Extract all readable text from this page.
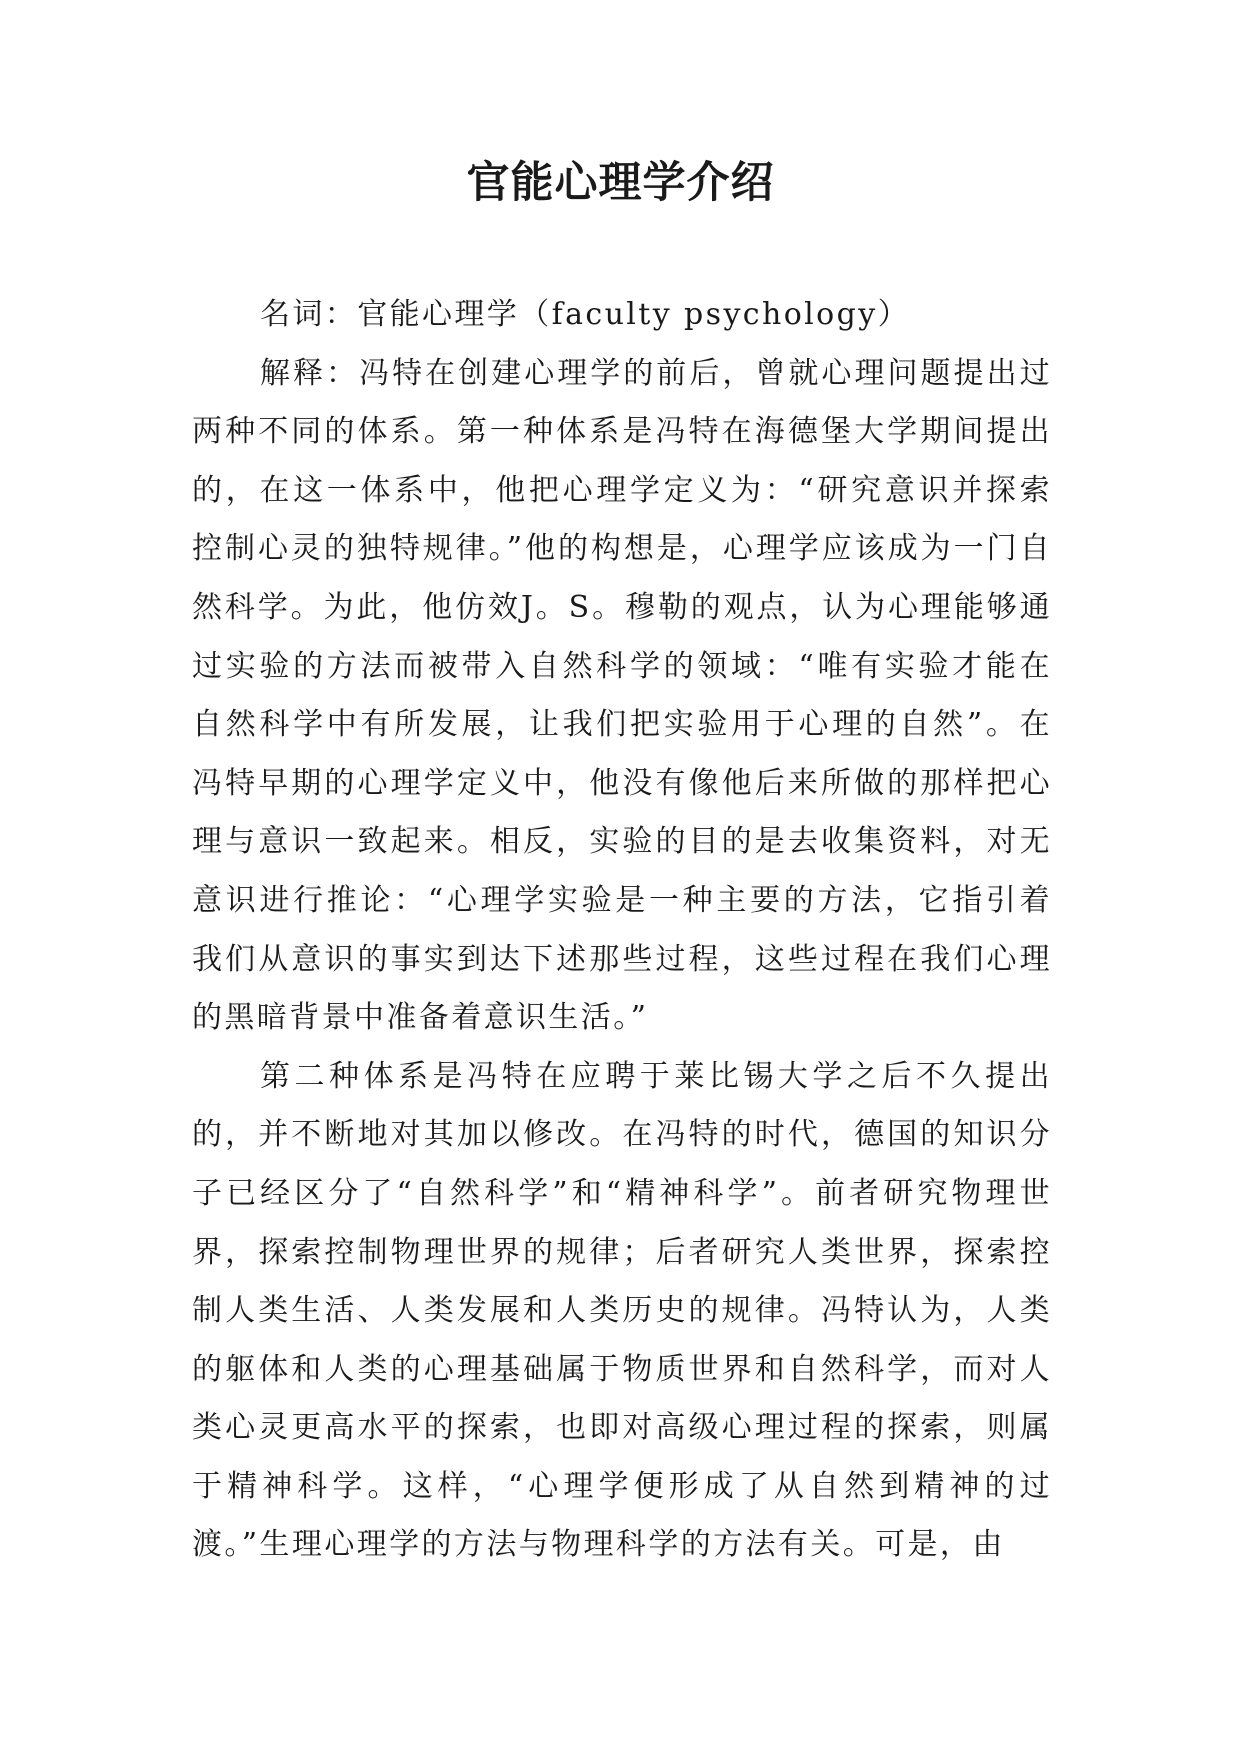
官能心理学介绍

名词：官能心理学（faculty psychology）

解释：冯特在创建心理学的前后，曾就心理问题提出过两种不同的体系。第一种体系是冯特在海德堡大学期间提出的，在这一体系中，他把心理学定义为：“研究意识并探索控制心灵的独特规律。”他的构想是，心理学应该成为一门自然科学。为此，他仿效J。S。穆勒的观点，认为心理能够通过实验的方法而被带入自然科学的领域：“唯有实验才能在自然科学中有所发展，让我们把实验用于心理的自然”。在冯特早期的心理学定义中，他没有像他后来所做的那样把心理与意识一致起来。相反，实验的目的是去收集资料，对无意识进行推论：“心理学实验是一种主要的方法，它指引着我们从意识的事实到达下述那些过程，这些过程在我们心理的黑暗背景中准备着意识生活。”

第二种体系是冯特在应聘于莱比锡大学之后不久提出的，并不断地对其加以修改。在冯特的时代，德国的知识分子已经区分了“自然科学”和“精神科学”。前者研究物理世界，探索控制物理世界的规律；后者研究人类世界，探索控制人类生活、人类发展和人类历史的规律。冯特认为，人类的躯体和人类的心理基础属于物质世界和自然科学，而对人类心灵更高水平的探索，也即对高级心理过程的探索，则属于精神科学。这样，“心理学便形成了从自然到精神的过渡。”生理心理学的方法与物理科学的方法有关。可是，由
